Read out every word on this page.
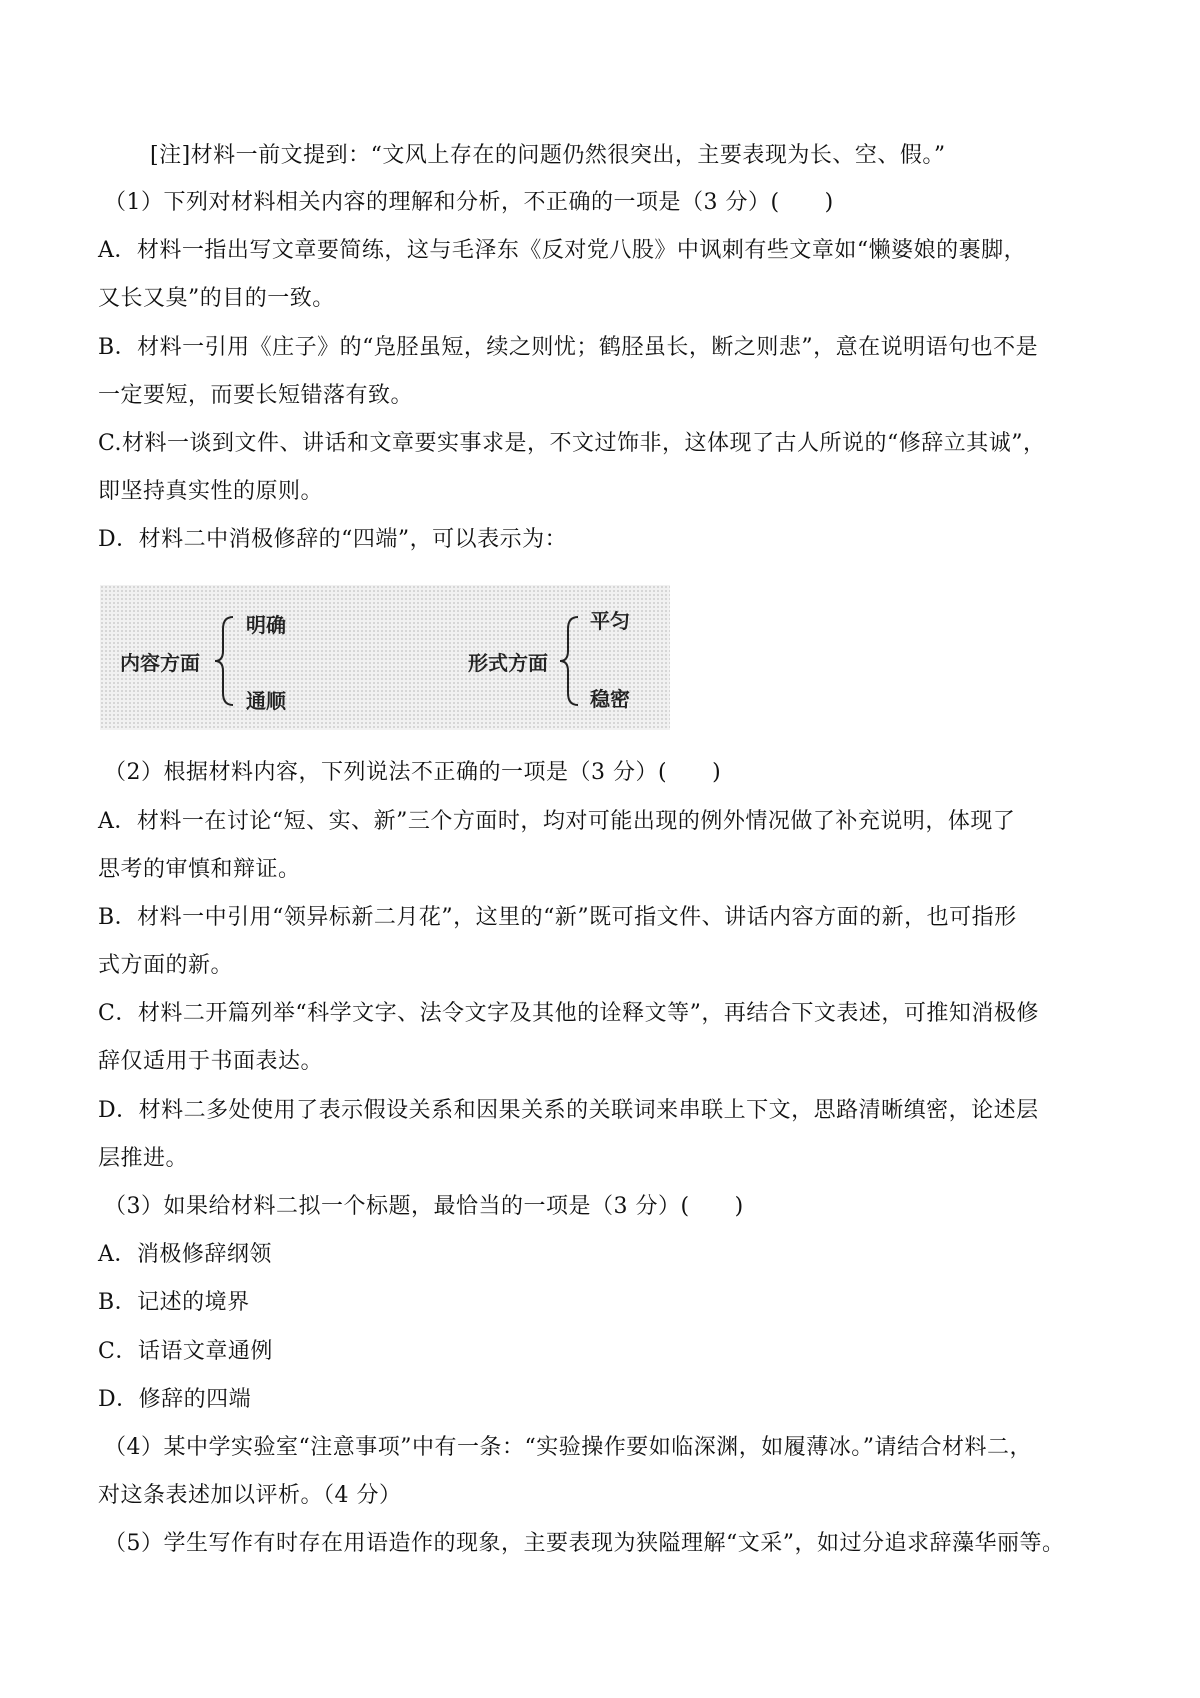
[注]材料一前文提到：“文风上存在的问题仍然很突出，主要表现为长、空、假。”
（1）下列对材料相关内容的理解和分析，不正确的一项是（3 分）(　　)
A．材料一指出写文章要简练，这与毛泽东《反对党八股》中讽刺有些文章如“懒婆娘的裹脚，
又长又臭”的目的一致。
B．材料一引用《庄子》的“凫胫虽短，续之则忧；鹤胫虽长，断之则悲”，意在说明语句也不是
一定要短，而要长短错落有致。
C.材料一谈到文件、讲话和文章要实事求是，不文过饰非，这体现了古人所说的“修辞立其诚”，
即坚持真实性的原则。
D．材料二中消极修辞的“四端”，可以表示为：
内容方面
明确
通顺
形式方面
平匀
稳密
（2）根据材料内容，下列说法不正确的一项是（3 分）(　　)
A．材料一在讨论“短、实、新”三个方面时，均对可能出现的例外情况做了补充说明，体现了
思考的审慎和辩证。
B．材料一中引用“领异标新二月花”，这里的“新”既可指文件、讲话内容方面的新，也可指形
式方面的新。
C．材料二开篇列举“科学文字、法令文字及其他的诠释文等”，再结合下文表述，可推知消极修
辞仅适用于书面表达。
D．材料二多处使用了表示假设关系和因果关系的关联词来串联上下文，思路清晰缜密，论述层
层推进。
（3）如果给材料二拟一个标题，最恰当的一项是（3 分）(　　)
A．消极修辞纲领
B．记述的境界
C．话语文章通例
D．修辞的四端
（4）某中学实验室“注意事项”中有一条：“实验操作要如临深渊，如履薄冰。”请结合材料二，
对这条表述加以评析。（4 分）
（5）学生写作有时存在用语造作的现象，主要表现为狭隘理解“文采”，如过分追求辞藻华丽等。
